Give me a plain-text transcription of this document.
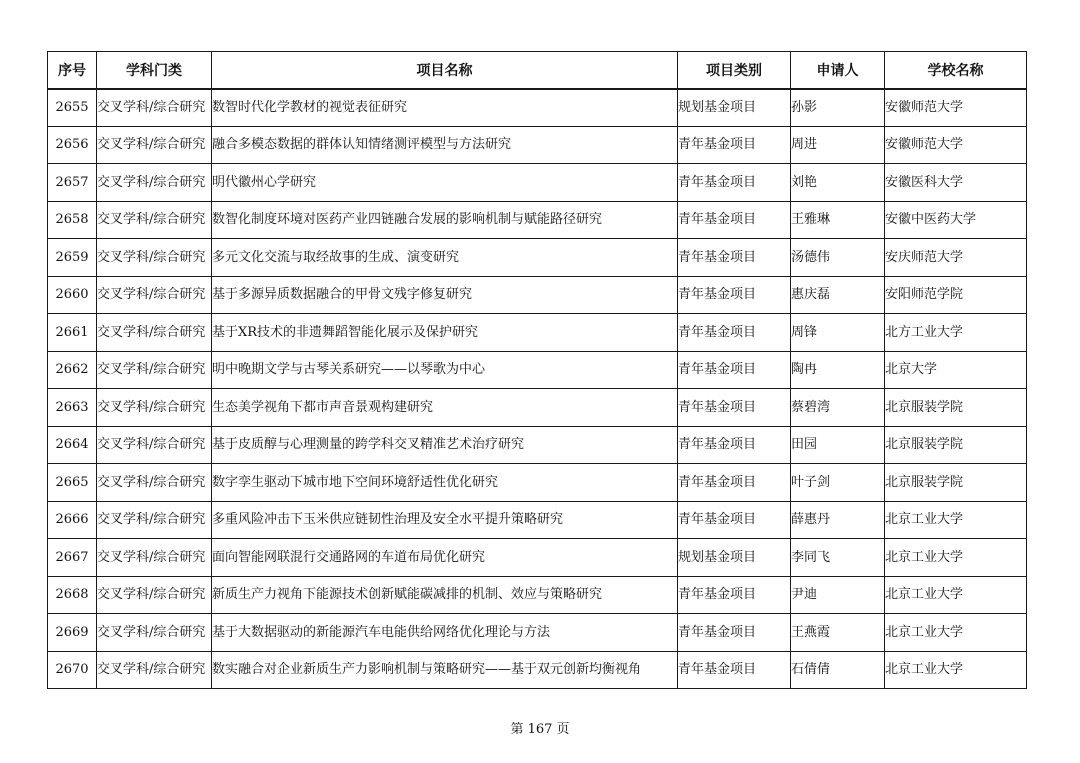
序号	学科门类	项目名称	项目类别	申请人	学校名称
2655	交叉学科/综合研究	数智时代化学教材的视觉表征研究	规划基金项目	孙影	安徽师范大学
2656	交叉学科/综合研究	融合多模态数据的群体认知情绪测评模型与方法研究	青年基金项目	周进	安徽师范大学
2657	交叉学科/综合研究	明代徽州心学研究	青年基金项目	刘艳	安徽医科大学
2658	交叉学科/综合研究	数智化制度环境对医药产业四链融合发展的影响机制与赋能路径研究	青年基金项目	王雅琳	安徽中医药大学
2659	交叉学科/综合研究	多元文化交流与取经故事的生成、演变研究	青年基金项目	汤德伟	安庆师范大学
2660	交叉学科/综合研究	基于多源异质数据融合的甲骨文残字修复研究	青年基金项目	惠庆磊	安阳师范学院
2661	交叉学科/综合研究	基于XR技术的非遗舞蹈智能化展示及保护研究	青年基金项目	周锋	北方工业大学
2662	交叉学科/综合研究	明中晚期文学与古琴关系研究——以琴歌为中心	青年基金项目	陶冉	北京大学
2663	交叉学科/综合研究	生态美学视角下都市声音景观构建研究	青年基金项目	蔡碧湾	北京服装学院
2664	交叉学科/综合研究	基于皮质醇与心理测量的跨学科交叉精准艺术治疗研究	青年基金项目	田园	北京服装学院
2665	交叉学科/综合研究	数字孪生驱动下城市地下空间环境舒适性优化研究	青年基金项目	叶子剑	北京服装学院
2666	交叉学科/综合研究	多重风险冲击下玉米供应链韧性治理及安全水平提升策略研究	青年基金项目	薛惠丹	北京工业大学
2667	交叉学科/综合研究	面向智能网联混行交通路网的车道布局优化研究	规划基金项目	李同飞	北京工业大学
2668	交叉学科/综合研究	新质生产力视角下能源技术创新赋能碳减排的机制、效应与策略研究	青年基金项目	尹迪	北京工业大学
2669	交叉学科/综合研究	基于大数据驱动的新能源汽车电能供给网络优化理论与方法	青年基金项目	王燕霞	北京工业大学
2670	交叉学科/综合研究	数实融合对企业新质生产力影响机制与策略研究——基于双元创新均衡视角	青年基金项目	石倩倩	北京工业大学
第 167 页
